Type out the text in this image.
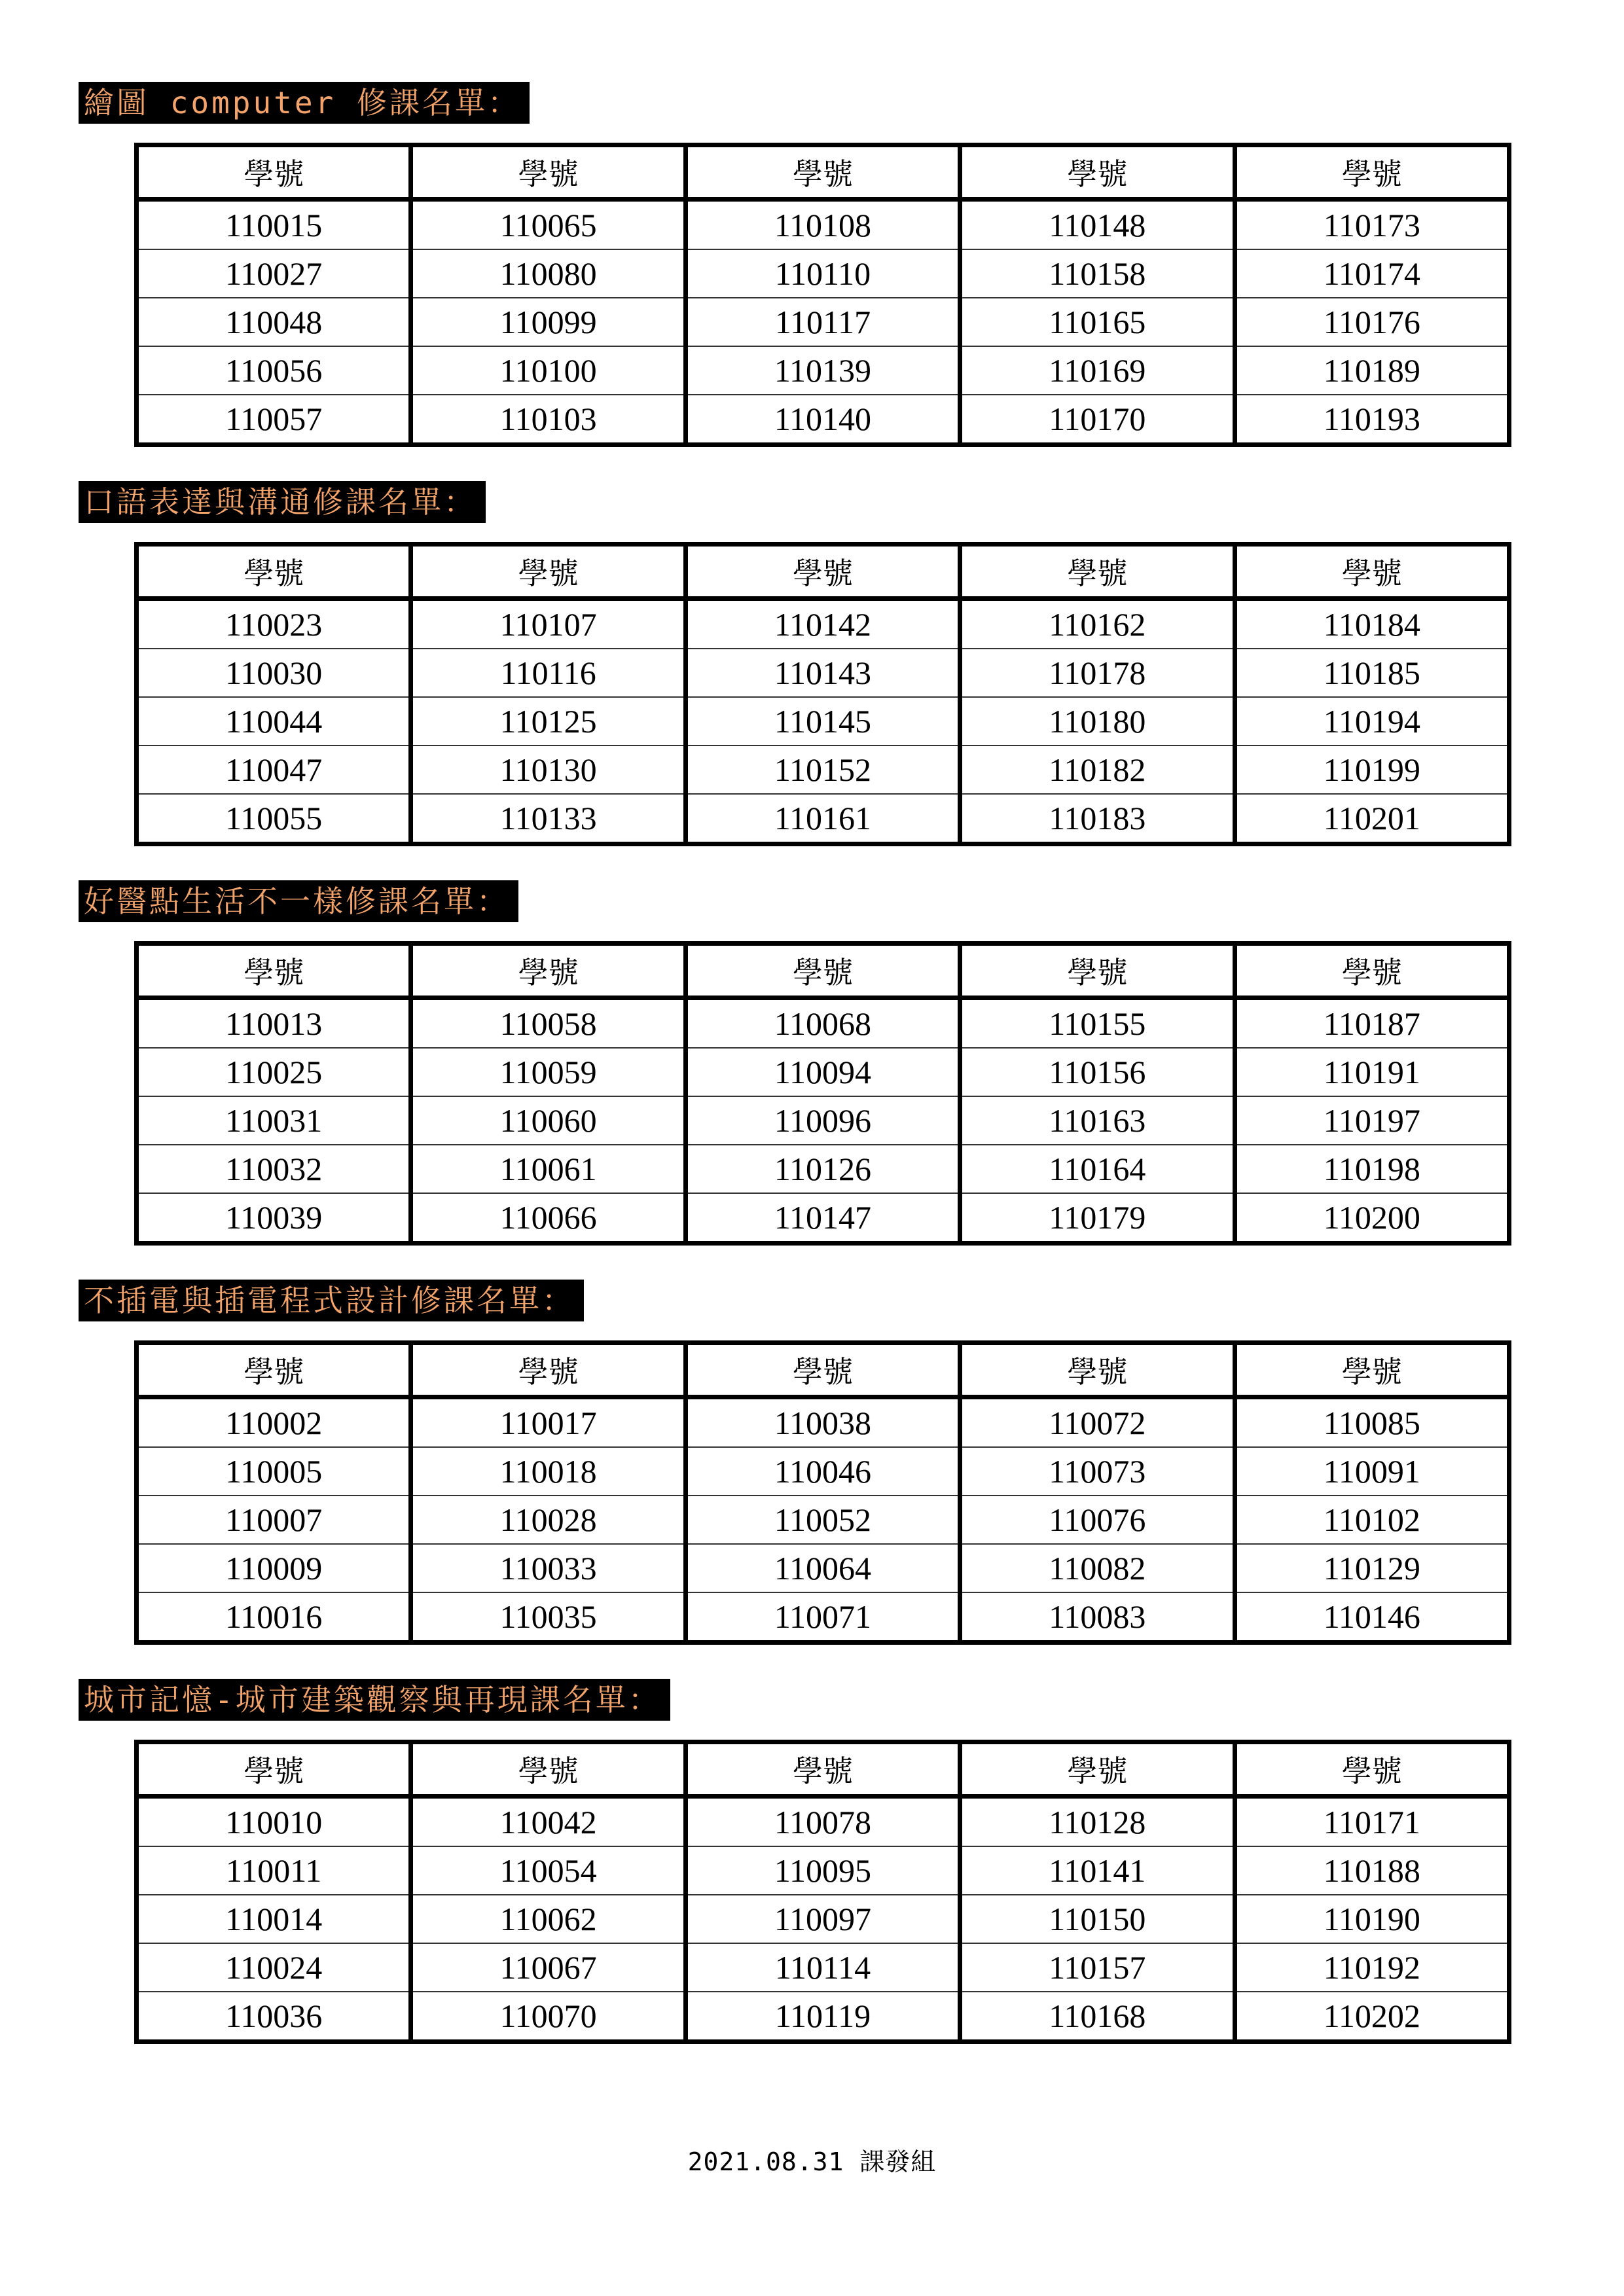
繪圖 computer 修課名單：
學號	學號	學號	學號	學號
110015	110065	110108	110148	110173
110027	110080	110110	110158	110174
110048	110099	110117	110165	110176
110056	110100	110139	110169	110189
110057	110103	110140	110170	110193
口語表達與溝通修課名單：
學號	學號	學號	學號	學號
110023	110107	110142	110162	110184
110030	110116	110143	110178	110185
110044	110125	110145	110180	110194
110047	110130	110152	110182	110199
110055	110133	110161	110183	110201
好醫點生活不一樣修課名單：
學號	學號	學號	學號	學號
110013	110058	110068	110155	110187
110025	110059	110094	110156	110191
110031	110060	110096	110163	110197
110032	110061	110126	110164	110198
110039	110066	110147	110179	110200
不插電與插電程式設計修課名單：
學號	學號	學號	學號	學號
110002	110017	110038	110072	110085
110005	110018	110046	110073	110091
110007	110028	110052	110076	110102
110009	110033	110064	110082	110129
110016	110035	110071	110083	110146
城市記憶-城市建築觀察與再現課名單：
學號	學號	學號	學號	學號
110010	110042	110078	110128	110171
110011	110054	110095	110141	110188
110014	110062	110097	110150	110190
110024	110067	110114	110157	110192
110036	110070	110119	110168	110202
2021.08.31 課發組
